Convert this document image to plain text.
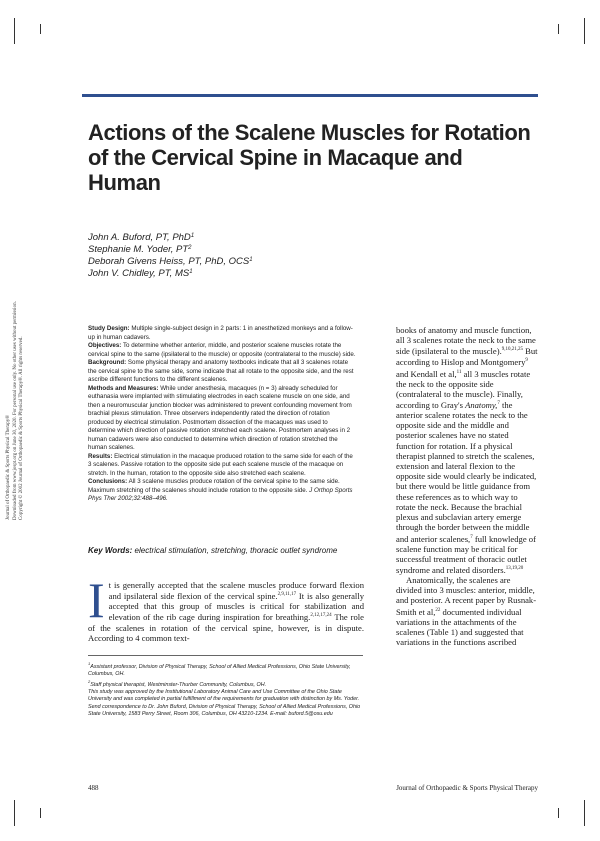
Actions of the Scalene Muscles for Rotation of the Cervical Spine in Macaque and Human
John A. Buford, PT, PhD$^1$
Stephanie M. Yoder, $PT^2$
Deborah Givens Heiss, PT, PhD, OCS$^1$
John V. Chidley, PT, $MS^1$

Study Design: Multiple single-subject design in 2 parts: 1 in anesthetized monkeys and a follow-up in human cadavers.

Objectives: To determine whether anterior, middle, and posterior scalene muscles rotate the cervical spine to the same (ipsilateral to the muscle) or opposite (contralateral to the muscle) side.

Background: Some physical therapy and anatomy textbooks indicate that all 3 scalenes rotate the cervical spine to the same side, some indicate that all rotate to the opposite side, and the rest ascribe different functions to the different scalenes.

Methods and Measures: While under anesthesia, macaques (n = 3) already scheduled for euthanasia were implanted with stimulating electrodes in each scalene muscle on one side, and then a neuromuscular junction blocker was administered to prevent confounding movement from brachial plexus stimulation. Three observers independently rated the direction of rotation produced by electrical stimulation. Postmortem dissection of the macaques was used to determine which direction of passive rotation stretched each scalene. Postmortem analyses in 2 human cadavers were also conducted to determine which direction of rotation stretched the human scalenes.

Results: Electrical stimulation in the macaque produced rotation to the same side for each of the 3 scalenes. Passive rotation to the opposite side put each scalene muscle of the macaque on stretch. In the human, rotation to the opposite side also stretched each scalene.

Conclusions: All 3 scalene muscles produce rotation of the cervical spine to the same side. Maximum stretching of the scalenes should include rotation to the opposite side. J Orthop Sports Phys Ther 2002;32:488–496.

Key Words: electrical stimulation, stretching, thoracic outlet syndrome
It is generally accepted that the scalene muscles produce forward flexion and ipsilateral side flexion of the cervical spine.$^{2,9,11,17}$ It is also generally accepted that this group of muscles is critical for stabilization and elevation of the rib cage during inspiration for breathing.$^{2,12,17,24}$ The role of the scalenes in rotation of the cervical spine, however, is in dispute. According to 4 common text-

$^1$Assistant professor, Division of Physical Therapy, School of Allied Medical Professions, Ohio State University, Columbus, OH.

$^2$Staff physical therapist, Westminster-Thurber Community, Columbus, OH.

This study was approved by the Institutional Laboratory Animal Care and Use Committee of the Ohio State University and was completed in partial fulfillment of the requirements for graduation with distinction by Ms. Yoder.

Send correspondence to Dr. John Buford, Division of Physical Therapy, School of Allied Medical Professions, Ohio State University, 1583 Perry Street, Room 306, Columbus, OH 43210-1234. E-mail: buford.5@osu.edu

books of anatomy and muscle function, all 3 scalenes rotate the neck to the same side (ipsilateral to the muscle).$^{9,10,21,25}$ But according to Hislop and Montgomery$^9$ and Kendall et al,$^{11}$ all 3 muscles rotate the neck to the opposite side (contralateral to the muscle). Finally, according to Gray's Anatomy,$^7$ the anterior scalene rotates the neck to the opposite side and the middle and posterior scalenes have no stated function for rotation. If a physical therapist planned to stretch the scalenes, extension and lateral flexion to the opposite side would clearly be indicated, but there would be little guidance from these references as to which way to rotate the neck. Because the brachial plexus and subclavian artery emerge through the border between the middle and anterior scalenes,$^7$ full knowledge of scalene function may be critical for successful treatment of thoracic outlet syndrome and related disorders.$^{13,19,20}$

Anatomically, the scalenes are divided into 3 muscles: anterior, middle, and posterior. A recent paper by Rusnak-Smith et al,$^{22}$ documented individual variations in the attachments of the scalenes (Table 1) and suggested that variations in the functions ascribed

Journal of Orthopaedic & Sports Physical Therapy® Downloaded from www.jospt.org on June 30, 2020. For personal use only. No other uses without permission. Copyright © 2002 Journal of Orthopaedic & Sports Physical Therapy®. All rights reserved.
488	Journal of Orthopaedic & Sports Physical Therapy
